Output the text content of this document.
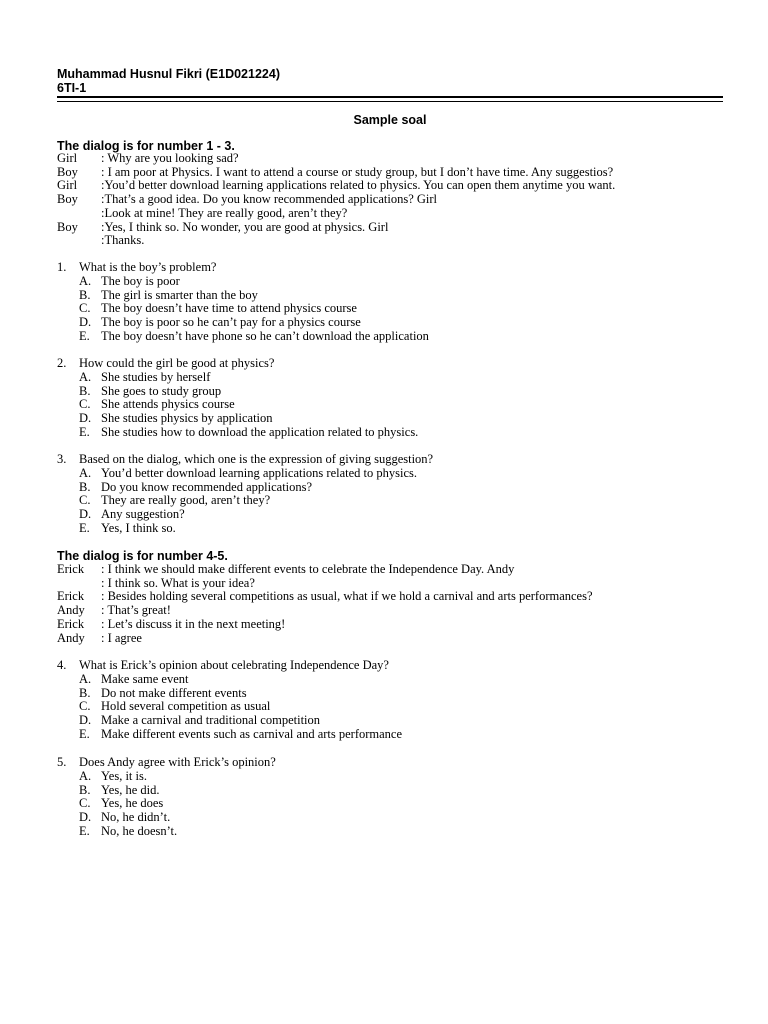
Muhammad Husnul Fikri (E1D021224)
6TI-1
Sample soal
The dialog is for number 1 - 3.
Girl	: Why are you looking sad?
Boy	: I am poor at Physics. I want to attend a course or study group, but I don’t have time. Any suggestios?
Girl	:You’d better download learning applications related to physics. You can open them anytime you want.
Boy	:That’s a good idea. Do you know recommended applications? Girl
:Look at mine! They are really good, aren’t they?
Boy	:Yes, I think so. No wonder, you are good at physics. Girl
:Thanks.
1.	What is the boy’s problem?
A. The boy is poor
B. The girl is smarter than the boy
C. The boy doesn’t have time to attend physics course
D. The boy is poor so he can’t pay for a physics course
E. The boy doesn’t have phone so he can’t download the application
2.	How could the girl be good at physics?
A. She studies by herself
B. She goes to study group
C. She attends physics course
D. She studies physics by application
E. She studies how to download the application related to physics.
3.	Based on the dialog, which one is the expression of giving suggestion?
A. You’d better download learning applications related to physics.
B. Do you know recommended applications?
C. They are really good, aren’t they?
D. Any suggestion?
E. Yes, I think so.
The dialog is for number 4-5.
Erick	: I think we should make different events to celebrate the Independence Day. Andy
: I think so. What is your idea?
Erick	: Besides holding several competitions as usual, what if we hold a carnival and arts performances?
Andy	: That’s great!
Erick	: Let’s discuss it in the next meeting!
Andy	: I agree
4.	What is Erick’s opinion about celebrating Independence Day?
A. Make same event
B. Do not make different events
C. Hold several competition as usual
D. Make a carnival and traditional competition
E. Make different events such as carnival and arts performance
5.	Does Andy agree with Erick’s opinion?
A. Yes, it is.
B. Yes, he did.
C. Yes, he does
D. No, he didn’t.
E. No, he doesn’t.
